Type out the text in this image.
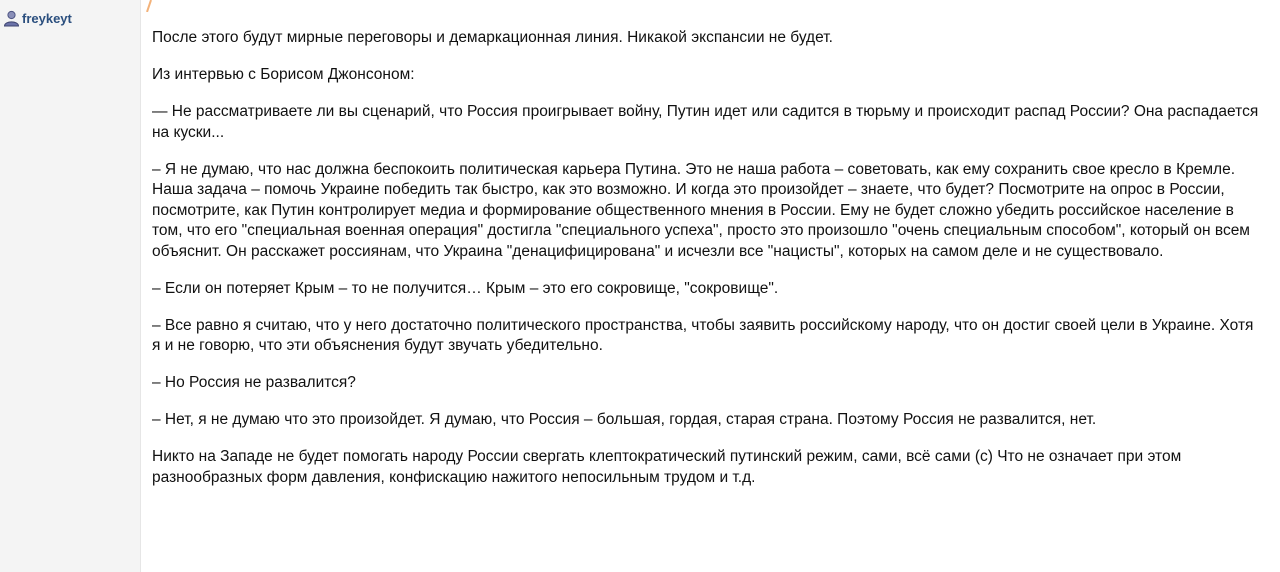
freykeyt

После этого будут мирные переговоры и демаркационная линия. Никакой экспансии не будет.

Из интервью с Борисом Джонсоном:

— Не рассматриваете ли вы сценарий, что Россия проигрывает войну, Путин идет или садится в тюрьму и происходит распад России? Она распадается на куски...

– Я не думаю, что нас должна беспокоить политическая карьера Путина. Это не наша работа – советовать, как ему сохранить свое кресло в Кремле. Наша задача – помочь Украине победить так быстро, как это возможно. И когда это произойдет – знаете, что будет? Посмотрите на опрос в России, посмотрите, как Путин контролирует медиа и формирование общественного мнения в России. Ему не будет сложно убедить российское население в том, что его "специальная военная операция" достигла "специального успеха", просто это произошло "очень специальным способом", который он всем объяснит. Он расскажет россиянам, что Украина "денацифицирована" и исчезли все "нацисты", которых на самом деле и не существовало.

– Если он потеряет Крым – то не получится… Крым – это его сокровище, "сокровище".

– Все равно я считаю, что у него достаточно политического пространства, чтобы заявить российскому народу, что он достиг своей цели в Украине. Хотя я и не говорю, что эти объяснения будут звучать убедительно.

– Но Россия не развалится?

– Нет, я не думаю что это произойдет. Я думаю, что Россия – большая, гордая, старая страна. Поэтому Россия не развалится, нет.

Никто на Западе не будет помогать народу России свергать клептократический путинский режим, сами, всё сами (с) Что не означает при этом разнообразных форм давления, конфискацию нажитого непосильным трудом и т.д.
